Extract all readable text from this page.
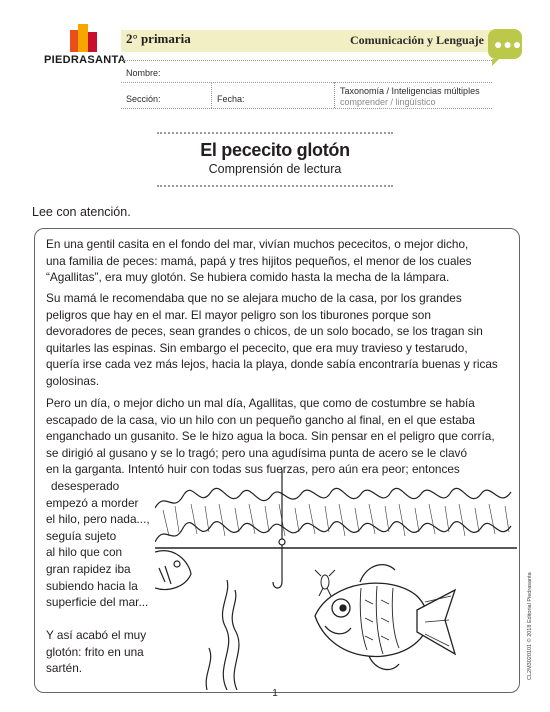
PIEDRASANTA
2° primaria	Comunicación y Lenguaje ●●●
Nombre:
Sección:	Fecha:
Taxonomía / Inteligencias múltiples
comprender / lingüístico
El pececito glotón
Comprensión de lectura
Lee con atención.
En una gentil casita en el fondo del mar, vivían muchos pececitos, o mejor dicho,
una familia de peces: mamá, papá y tres hijitos pequeños, el menor de los cuales
“Agallitas”, era muy glotón. Se hubiera comido hasta la mecha de la lámpara.
Su mamá le recomendaba que no se alejara mucho de la casa, por los grandes
peligros que hay en el mar. El mayor peligro son los tiburones porque son
devoradores de peces, sean grandes o chicos, de un solo bocado, se los tragan sin
quitarles las espinas. Sin embargo el pececito, que era muy travieso y testarudo,
quería irse cada vez más lejos, hacia la playa, donde sabía encontraría buenas y ricas
golosinas.
Pero un día, o mejor dicho un mal día, Agallitas, que como de costumbre se había
escapado de la casa, vio un hilo con un pequeño gancho al final, en el que estaba
enganchado un gusanito. Se le hizo agua la boca. Sin pensar en el peligro que corría,
se dirigió al gusano y se lo tragó; pero una agudísima punta de acero se le clavó
en la garganta. Intentó huir con todas sus fuerzas, pero aún era peor; entonces
desesperado
empezó a morder
el hilo, pero nada...,
seguía sujeto
al hilo que con
gran rapidez iba
subiendo hacia la
superficie del mar...
Y así acabó el muy
glotón: frito en una
sartén.	CL2M3020101 © 2018 Editorial Piedrasanta
1
